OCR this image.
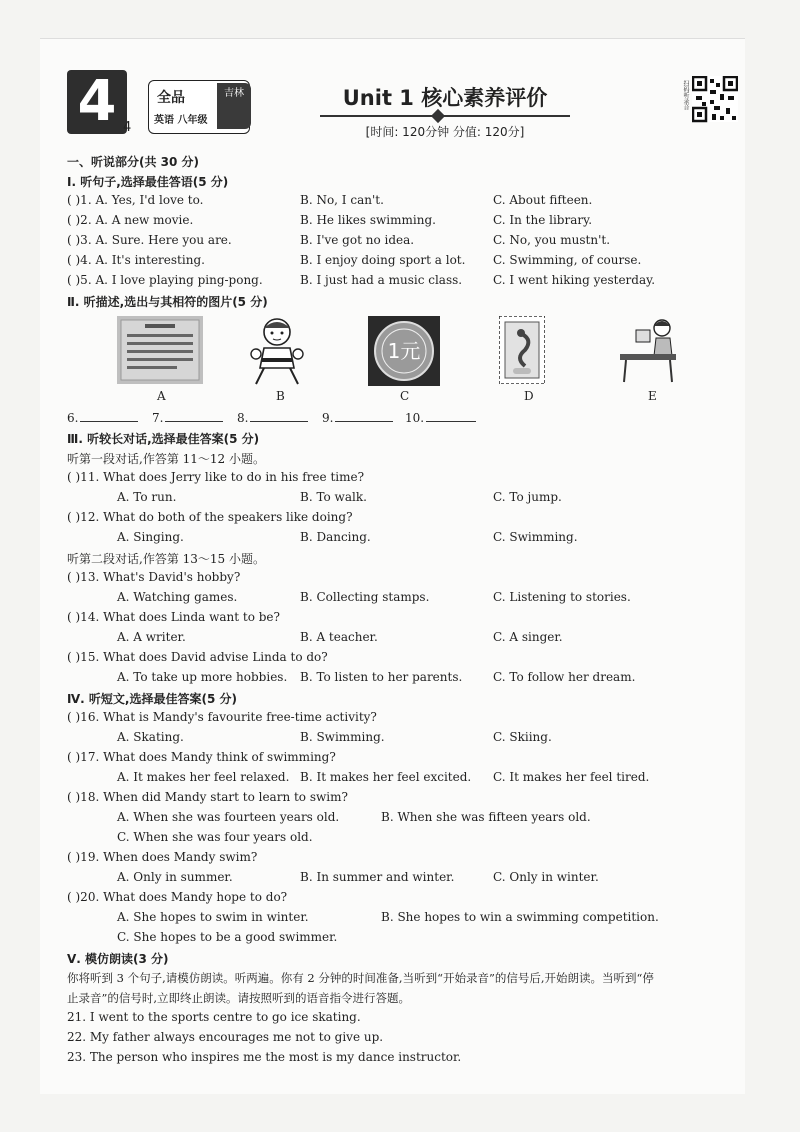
4 4
全品
英语 八年级
吉林	Unit 1 核心素养评价
[时间: 120分钟 分值: 120分]
扫码听录音
一、听说部分(共 30 分)
Ⅰ. 听句子,选择最佳答语(5 分)
( )1. A. Yes, I'd love to.	B. No, I can't.	C. About fifteen.
( )2. A. A new movie.	B. He likes swimming.	C. In the library.
( )3. A. Sure. Here you are.	B. I've got no idea.	C. No, you mustn't.
( )4. A. It's interesting.	B. I enjoy doing sport a lot. C. Swimming, of course.
( )5. A. I love playing ping-pong.	B. I just had a music class.	C. I went hiking yesterday.
Ⅱ. 听描述,选出与其相符的图片(5 分)
1元
A	B	C	D	E
6.	7.	8.	9.	10.
Ⅲ. 听较长对话,选择最佳答案(5 分)
听第一段对话,作答第 11～12 小题。
( )11. What does Jerry like to do in his free time?
A. To run.	B. To walk.	C. To jump.
( )12. What do both of the speakers like doing?
A. Singing.	B. Dancing.	C. Swimming.
听第二段对话,作答第 13～15 小题。
( )13. What's David's hobby?
A. Watching games.	B. Collecting stamps.	C. Listening to stories.
( )14. What does Linda want to be?
A. A writer.	B. A teacher.	C. A singer.
( )15. What does David advise Linda to do?
A. To take up more hobbies. B. To listen to her parents.	C. To follow her dream.
Ⅳ. 听短文,选择最佳答案(5 分)
( )16. What is Mandy's favourite free-time activity?
A. Skating.	B. Swimming.	C. Skiing.
( )17. What does Mandy think of swimming?
A. It makes her feel relaxed. B. It makes her feel excited. C. It makes her feel tired.
( )18. When did Mandy start to learn to swim?
A. When she was fourteen years old.	B. When she was fifteen years old.
C. When she was four years old.
( )19. When does Mandy swim?
A. Only in summer.	B. In summer and winter.	C. Only in winter.
( )20. What does Mandy hope to do?
A. She hopes to swim in winter.	B. She hopes to win a swimming competition.
C. She hopes to be a good swimmer.
Ⅴ. 模仿朗读(3 分)
你将听到 3 个句子,请模仿朗读。听两遍。你有 2 分钟的时间准备,当听到“开始录音”的信号后,开始朗读。当听到“停
止录音”的信号时,立即终止朗读。请按照听到的语音指令进行答题。
21. I went to the sports centre to go ice skating.
22. My father always encourages me not to give up.
23. The person who inspires me the most is my dance instructor.
